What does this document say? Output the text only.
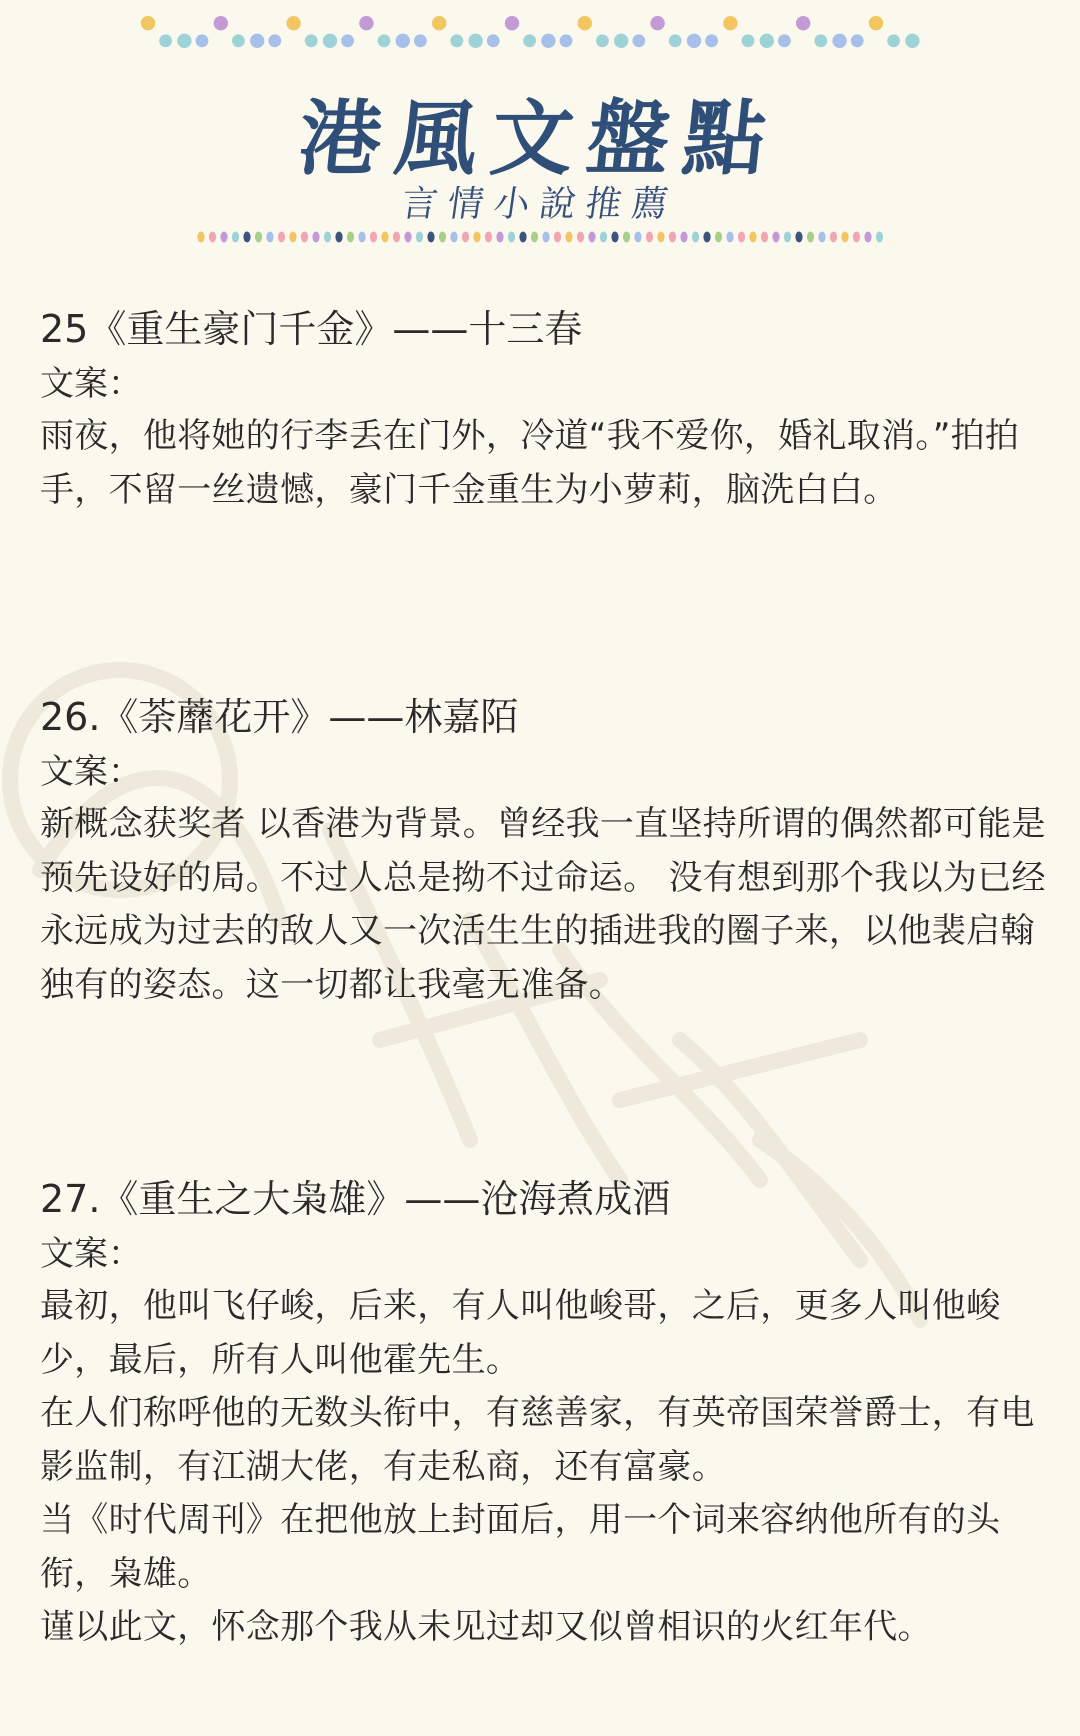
港風文盤點
言情小說推薦
25《重生豪门千金》——十三春
文案：

雨夜，他将她的行李丢在门外，冷道“我不爱你，婚礼取消。”拍拍手，不留一丝遗憾，豪门千金重生为小萝莉，脑洗白白。

26.《荼蘼花开》——林嘉陌
文案：

新概念获奖者 以香港为背景。曾经我一直坚持所谓的偶然都可能是预先设好的局。不过人总是拗不过命运。 没有想到那个我以为已经永远成为过去的敌人又一次活生生的插进我的圈子来，以他裴启翰独有的姿态。这一切都让我毫无准备。

27.《重生之大枭雄》——沧海煮成酒
文案：

最初，他叫飞仔峻，后来，有人叫他峻哥，之后，更多人叫他峻少，最后，所有人叫他霍先生。

在人们称呼他的无数头衔中，有慈善家，有英帝国荣誉爵士，有电影监制，有江湖大佬，有走私商，还有富豪。

当《时代周刊》在把他放上封面后，用一个词来容纳他所有的头衔，枭雄。

谨以此文，怀念那个我从未见过却又似曾相识的火红年代。
